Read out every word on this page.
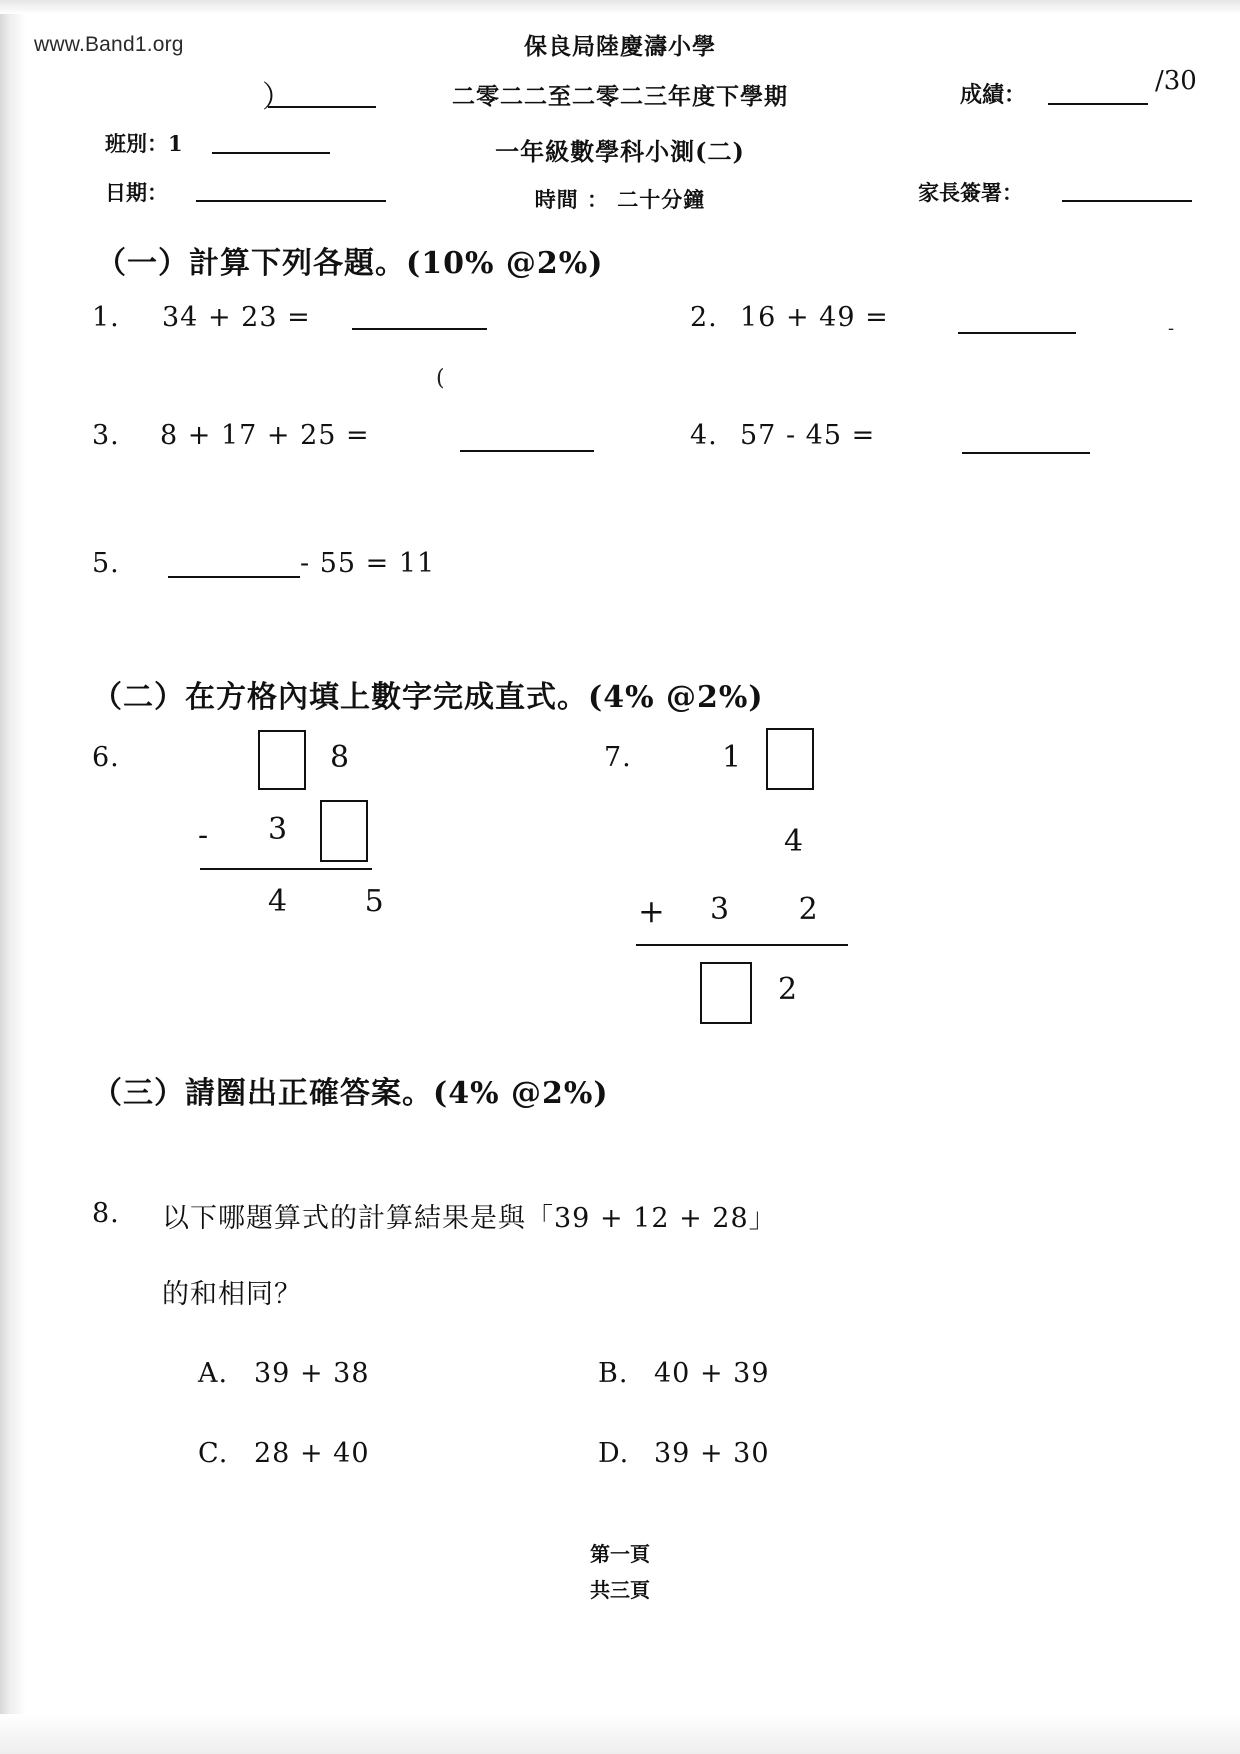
www.Band1.org	保良局陸慶濤小學
二零二二至二零二三年度下學期
一年級數學科小測(二)
時間 ： 二十分鐘
成績：	/30
）
班別：1
日期：	家長簽署：
（一）計算下列各題。(10% @2%)
1. 34 + 23 =	2. 16 + 49 =	-
(
3. 8 + 17 + 25 =	4. 57 - 45 =
5.	- 55 = 11
（二）在方格內填上數字完成直式。(4% @2%)
6.	8
- 3
4 5
7.	1
4
+ 3 2
2
（三）請圈出正確答案。(4% @2%)
8. 以下哪題算式的計算結果是與「39 + 12 + 28」
的和相同？
A. 39 + 38	B. 40 + 39
C. 28 + 40	D. 39 + 30
第一頁
共三頁
